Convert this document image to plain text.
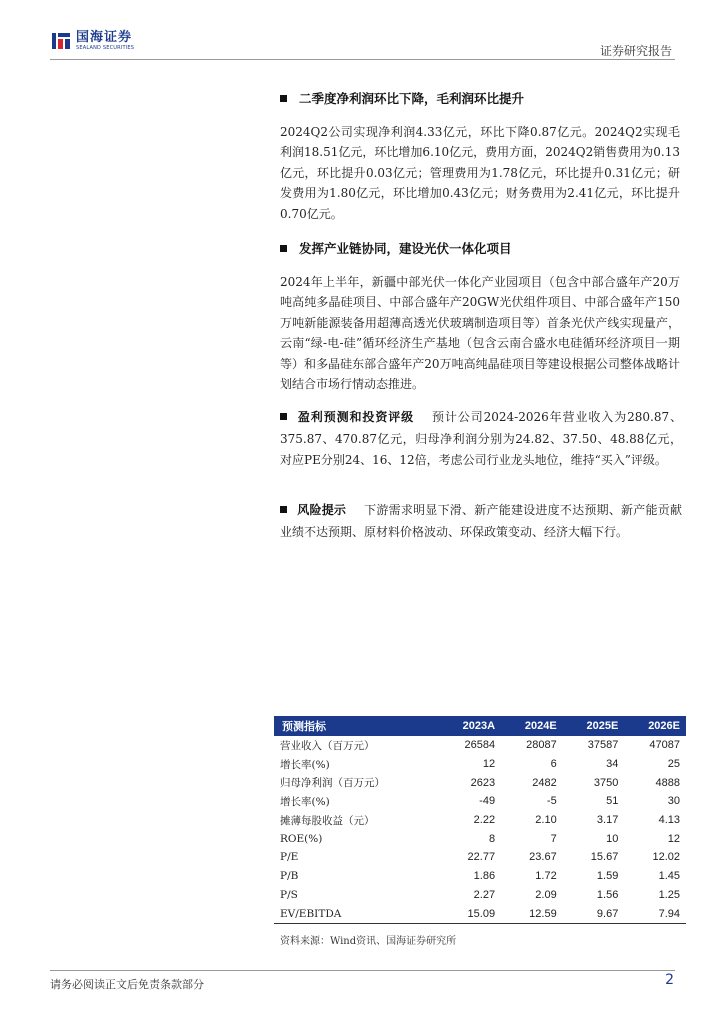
国海证券
SEALAND SECURITIES	证券研究报告
二季度净利润环比下降，毛利润环比提升
2024Q2公司实现净利润4.33亿元，环比下降0.87亿元。2024Q2实现毛利润18.51亿元，环比增加6.10亿元，费用方面，2024Q2销售费用为0.13亿元，环比提升0.03亿元；管理费用为1.78亿元，环比提升0.31亿元；研发费用为1.80亿元，环比增加0.43亿元；财务费用为2.41亿元，环比提升0.70亿元。
发挥产业链协同，建设光伏一体化项目
2024年上半年，新疆中部光伏一体化产业园项目（包含中部合盛年产20万吨高纯多晶硅项目、中部合盛年产20GW光伏组件项目、中部合盛年产150万吨新能源装备用超薄高透光伏玻璃制造项目等）首条光伏产线实现量产，云南“绿-电-硅”循环经济生产基地（包含云南合盛水电硅循环经济项目一期等）和多晶硅东部合盛年产20万吨高纯晶硅项目等建设根据公司整体战略计划结合市场行情动态推进。
盈利预测和投资评级 预计公司2024-2026年营业收入为280.87、375.87、470.87亿元，归母净利润分别为24.82、37.50、48.88亿元，对应PE分别24、16、12倍，考虑公司行业龙头地位，维持“买入”评级。
风险提示 下游需求明显下滑、新产能建设进度不达预期、新产能贡献业绩不达预期、原材料价格波动、环保政策变动、经济大幅下行。
预测指标	2023A	2024E	2025E	2026E
营业收入（百万元）	26584	28087	37587	47087
增长率(%)	12	6	34	25
归母净利润（百万元）	2623	2482	3750	4888
增长率(%)	-49	-5	51	30
摊薄每股收益（元）	2.22	2.10	3.17	4.13
ROE(%)	8	7	10	12
P/E	22.77	23.67	15.67	12.02
P/B	1.86	1.72	1.59	1.45
P/S	2.27	2.09	1.56	1.25
EV/EBITDA	15.09	12.59	9.67	7.94
资料来源：Wind资讯、国海证券研究所
请务必阅读正文后免责条款部分	2
